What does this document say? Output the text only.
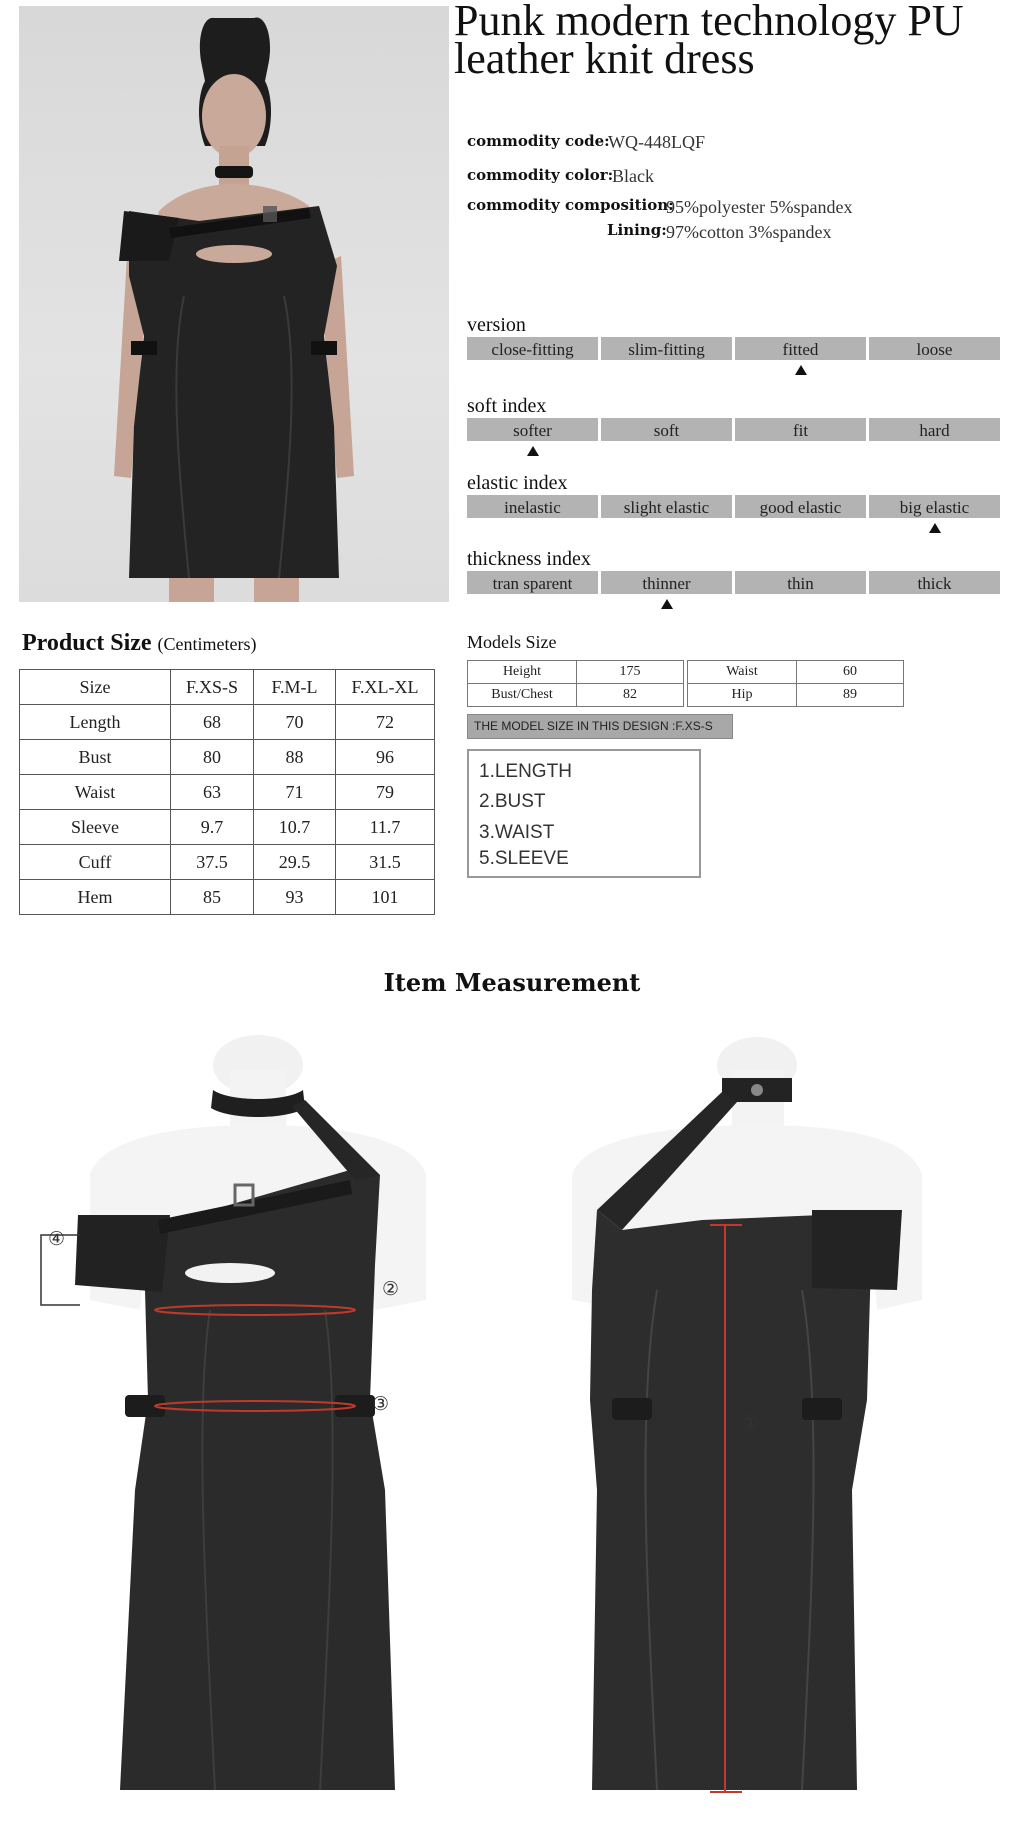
Punk modern technology PU leather knit dress
commodity code:
WQ-448LQF
commodity color:
Black
commodity composition:
95%polyester 5%spandex
Lining: 97%cotton 3%spandex
version
close-fitting	slim-fitting	fitted	loose
soft index
softer	soft	fit	hard
elastic index
inelastic	slight elastic	good elastic	big elastic
thickness index
tran sparent	thinner	thin	thick
Product Size (Centimeters)
Size	F.XS-S	F.M-L	F.XL-XL
Length	68	70	72
Bust	80	88	96
Waist	63	71	79
Sleeve	9.7	10.7	11.7
Cuff	37.5	29.5	31.5
Hem	85	93	101
Models Size
Height	175
Bust/Chest	82
Waist	60
Hip	89
THE MODEL SIZE IN THIS DESIGN :F.XS-S
1.LENGTH
2.BUST
3.WAIST
5.SLEEVE
Item Measurement
④
②
③
①
